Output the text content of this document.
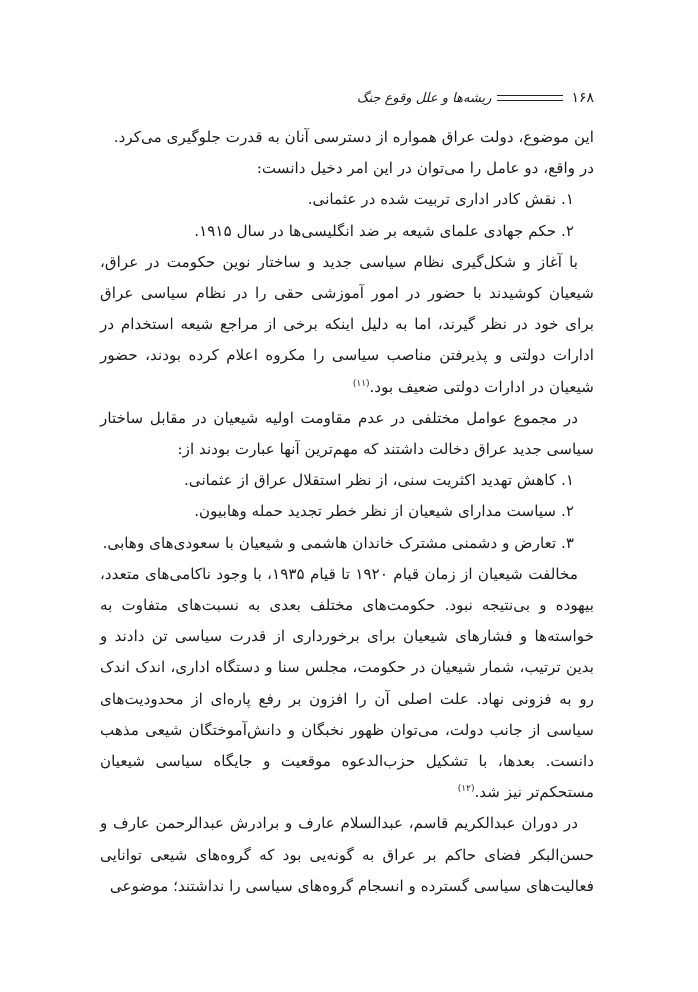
۱۶۸
ریشه‌ها و علل وقوع جنگ

این موضوع، دولت عراق همواره از دسترسی آنان به قدرت جلوگیری می‌کرد.

در واقع، دو عامل را می‌توان در این امر دخیل دانست:

۱. نقش کادر اداری تربیت شده در عثمانی.

۲. حکم جهادی علمای شیعه بر ضد انگلیسی‌ها در سال ۱۹۱۵.

با آغاز و شکل‌گیری نظام سیاسی جدید و ساختار نوین حکومت در عراق، شیعیان کوشیدند با حضور در امور آموزشی حقی را در نظام سیاسی عراق برای خود در نظر گیرند، اما به دلیل اینکه برخی از مراجع شیعه استخدام در ادارات دولتی و پذیرفتن مناصب سیاسی را مکروه اعلام کرده بودند، حضور شیعیان در ادارات دولتی ضعیف بود.$^{(۱۱)}$

در مجموع عوامل مختلفی در عدم مقاومت اولیه شیعیان در مقابل ساختار سیاسی جدید عراق دخالت داشتند که مهم‌ترین آنها عبارت بودند از:

۱. کاهش تهدید اکثریت سنی، از نظر استقلال عراق از عثمانی.

۲. سیاست مدارای شیعیان از نظر خطر تجدید حمله وهابیون.

۳. تعارض و دشمنی مشترک خاندان هاشمی و شیعیان با سعودی‌های وهابی.

مخالفت شیعیان از زمان قیام ۱۹۲۰ تا قیام ۱۹۳۵، با وجود ناکامی‌های متعدد، بیهوده و بی‌نتیجه نبود. حکومت‌های مختلف بعدی به نسبت‌های متفاوت به خواسته‌ها و فشارهای شیعیان برای برخورداری از قدرت سیاسی تن دادند و بدین ترتیب، شمار شیعیان در حکومت، مجلس سنا و دستگاه اداری، اندک اندک رو به فزونی نهاد. علت اصلی آن را افزون بر رفع پاره‌ای از محدودیت‌های سیاسی از جانب دولت، می‌توان ظهور نخبگان و دانش‌آموختگان شیعی مذهب دانست. بعدها، با تشکیل حزب‌الدعوه موقعیت و جایگاه سیاسی شیعیان مستحکم‌تر نیز شد.$^{(۱۲)}$

در دوران عبدالکریم قاسم، عبدالسلام عارف و برادرش عبدالرحمن عارف و حسن‌البکر فضای حاکم بر عراق به گونه‌یی بود که گروه‌های شیعی توانایی فعالیت‌های سیاسی گسترده و انسجام گروه‌های سیاسی را نداشتند؛ موضوعی
